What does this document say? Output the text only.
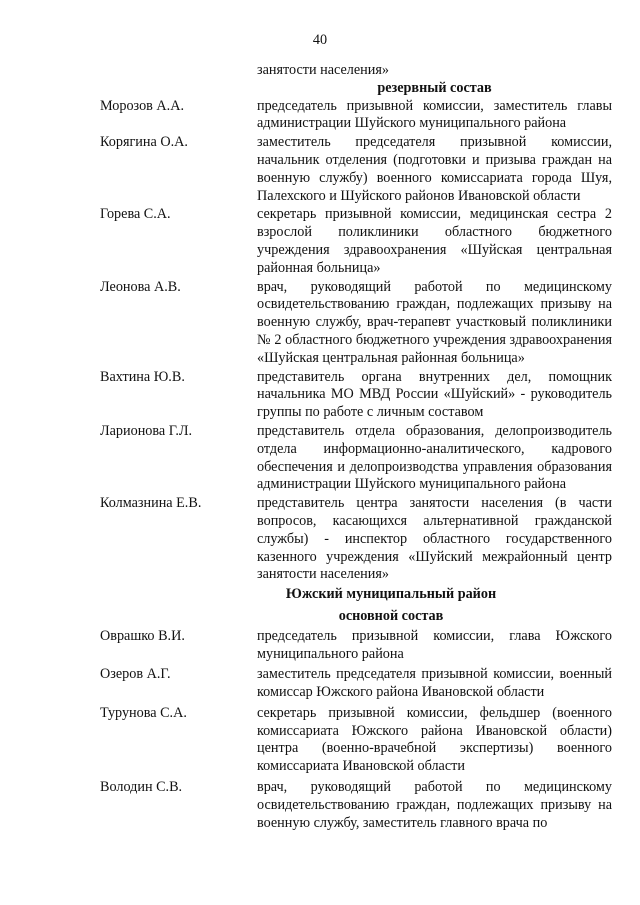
40
занятости населения»
резервный состав
Морозов А.А.	председатель призывной комиссии, заместитель главы администрации Шуйского муниципального района
Корягина О.А.	заместитель председателя призывной комиссии, начальник отделения (подготовки и призыва граждан на военную службу) военного комиссариата города Шуя, Палехского и Шуйского районов Ивановской области
Горева С.А.	секретарь призывной комиссии, медицинская сестра 2 взрослой поликлиники областного бюджетного учреждения здравоохранения «Шуйская центральная районная больница»
Леонова А.В.	врач, руководящий работой по медицинскому освидетельствованию граждан, подлежащих призыву на военную службу, врач-терапевт участковый поликлиники № 2 областного бюджетного учреждения здравоохранения «Шуйская центральная районная больница»
Вахтина Ю.В.	представитель органа внутренних дел, помощник начальника МО МВД России «Шуйский» - руководитель группы по работе с личным составом
Ларионова Г.Л.	представитель отдела образования, делопроизводитель отдела информационно-аналитического, кадрового обеспечения и делопроизводства управления образования администрации Шуйского муниципального района
Колмазнина Е.В.	представитель центра занятости населения (в части вопросов, касающихся альтернативной гражданской службы) - инспектор областного государственного казенного учреждения «Шуйский межрайонный центр занятости населения»
Южский муниципальный район
основной состав
Оврашко В.И.	председатель призывной комиссии, глава Южского муниципального района
Озеров А.Г.	заместитель председателя призывной комиссии, военный комиссар Южского района Ивановской области
Турунова С.А.	секретарь призывной комиссии, фельдшер (военного комиссариата Южского района Ивановской области) центра (военно-врачебной экспертизы) военного комиссариата Ивановской области
Володин С.В.	врач, руководящий работой по медицинскому освидетельствованию граждан, подлежащих призыву на военную службу, заместитель главного врача по
